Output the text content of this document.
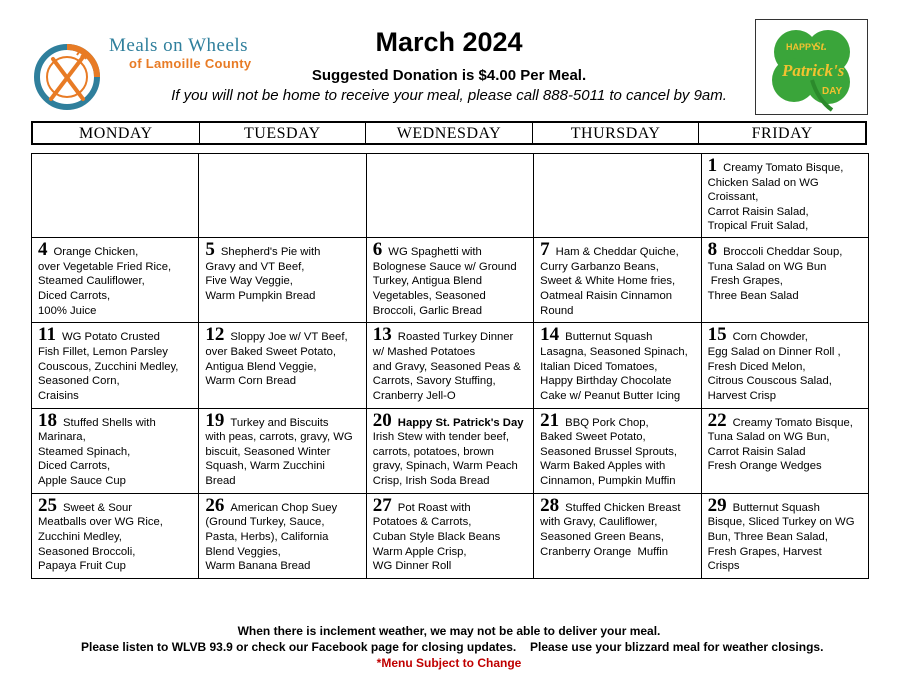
Meals on Wheels
of Lamoille County
March 2024
Suggested Donation is $4.00 Per Meal.
If you will not be home to receive your meal, please call 888-5011 to cancel by 9am.
HAPPY
St.
Patrick's
DAY
MONDAY	TUESDAY	WEDNESDAY	THURSDAY	FRIDAY

				1 Creamy Tomato Bisque,
Chicken Salad on WG
Croissant,
Carrot Raisin Salad,
Tropical Fruit Salad,

4 Orange Chicken,
over Vegetable Fried Rice,
Steamed Cauliflower,
Diced Carrots,
100% Juice	5 Shepherd's Pie with
Gravy and VT Beef,
Five Way Veggie,
Warm Pumpkin Bread	6 WG Spaghetti with
Bolognese Sauce w/ Ground
Turkey, Antigua Blend
Vegetables, Seasoned
Broccoli, Garlic Bread	7 Ham & Cheddar Quiche,
Curry Garbanzo Beans,
Sweet & White Home fries,
Oatmeal Raisin Cinnamon
Round	8 Broccoli Cheddar Soup,
Tuna Salad on WG Bun
Fresh Grapes,
Three Bean Salad

11 WG Potato Crusted
Fish Fillet, Lemon Parsley
Couscous, Zucchini Medley,
Seasoned Corn,
Craisins	12 Sloppy Joe w/ VT Beef,
over Baked Sweet Potato,
Antigua Blend Veggie,
Warm Corn Bread	13 Roasted Turkey Dinner
w/ Mashed Potatoes
and Gravy, Seasoned Peas &
Carrots, Savory Stuffing,
Cranberry Jell-O	14 Butternut Squash
Lasagna, Seasoned Spinach,
Italian Diced Tomatoes,
Happy Birthday Chocolate
Cake w/ Peanut Butter Icing	15 Corn Chowder,
Egg Salad on Dinner Roll ,
Fresh Diced Melon,
Citrous Couscous Salad,
Harvest Crisp

18 Stuffed Shells with
Marinara,
Steamed Spinach,
Diced Carrots,
Apple Sauce Cup	19 Turkey and Biscuits
with peas, carrots, gravy, WG
biscuit, Seasoned Winter
Squash, Warm Zucchini
Bread	20 Happy St. Patrick's Day
Irish Stew with tender beef,
carrots, potatoes, brown
gravy, Spinach, Warm Peach
Crisp, Irish Soda Bread	21 BBQ Pork Chop,
Baked Sweet Potato,
Seasoned Brussel Sprouts,
Warm Baked Apples with
Cinnamon, Pumpkin Muffin	22 Creamy Tomato Bisque,
Tuna Salad on WG Bun,
Carrot Raisin Salad
Fresh Orange Wedges

25 Sweet & Sour
Meatballs over WG Rice,
Zucchini Medley,
Seasoned Broccoli,
Papaya Fruit Cup	26 American Chop Suey
(Ground Turkey, Sauce,
Pasta, Herbs), California
Blend Veggies,
Warm Banana Bread	27 Pot Roast with
Potatoes & Carrots,
Cuban Style Black Beans
Warm Apple Crisp,
WG Dinner Roll	28 Stuffed Chicken Breast
with Gravy, Cauliflower,
Seasoned Green Beans,
Cranberry Orange  Muffin	29 Butternut Squash
Bisque, Sliced Turkey on WG
Bun, Three Bean Salad,
Fresh Grapes, Harvest
Crisps
When there is inclement weather, we may not be able to deliver your meal.
Please listen to WLVB 93.9 or check our Facebook page for closing updates. Please use your blizzard meal for weather closings.
*Menu Subject to Change
